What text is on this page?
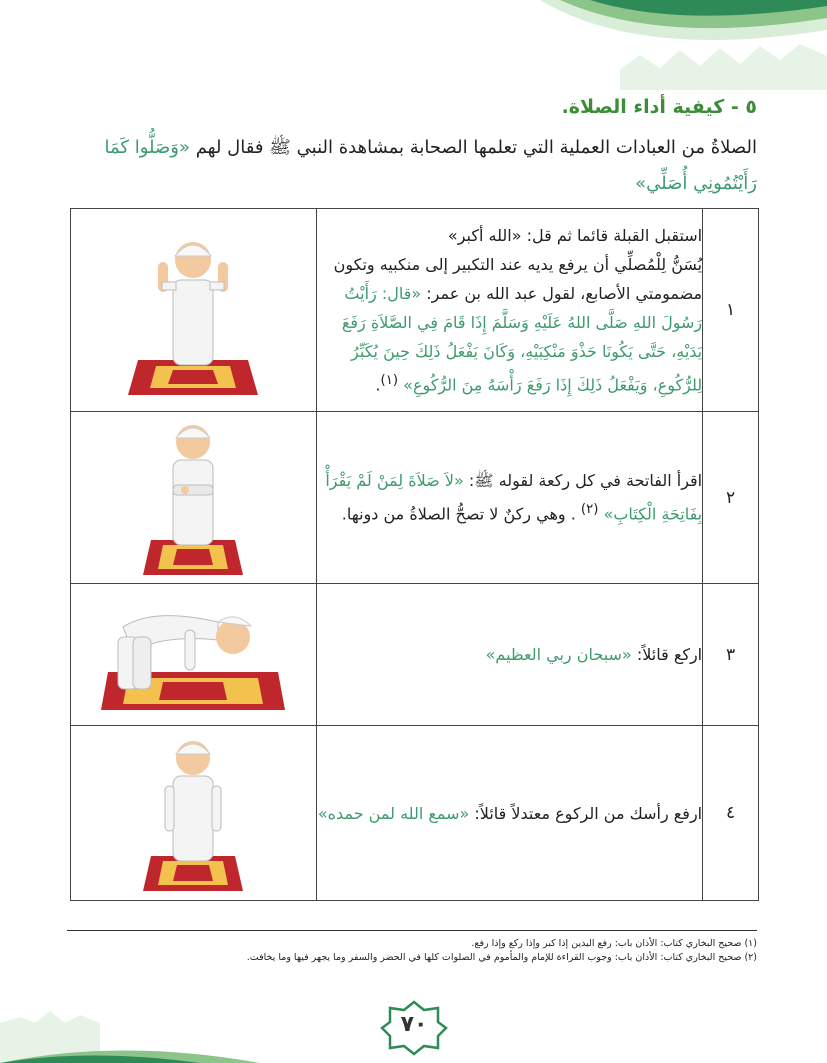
٥ - كيفية أداء الصلاة.
الصلاةُ من العبادات العملية التي تعلمها الصحابة بمشاهدة النبي ﷺ فقال لهم «وَصَلُّوا كَمَا رَأَيْتُمُونِي أُصَلِّي»
١	استقبل القبلة قائما ثم قل: «الله أكبر»
يُسَنُّ لِلْمُصلِّي أن يرفع يديه عند التكبير إلى منكبيه وتكون مضمومتي الأصابع، لقول عبد الله بن عمر: «قال: رَأَيْتُ رَسُولَ اللهِ صَلَّى اللهُ عَلَيْهِ وَسَلَّمَ إِذَا قَامَ فِي الصَّلاَةِ رَفَعَ يَدَيْهِ، حَتَّى يَكُونَا حَذْوَ مَنْكِبَيْهِ، وَكَانَ يَفْعَلُ ذَلِكَ حِينَ يُكَبِّرُ لِلرُّكُوعِ، وَيَفْعَلُ ذَلِكَ إِذَا رَفَعَ رَأْسَهُ مِنَ الرُّكُوعِ» $^{(١)}$.	

٢	اقرأ الفاتحة في كل ركعة لقوله ﷺ: «لاَ صَلاَةَ لِمَنْ لَمْ يَقْرَأْ بِفَاتِحَةِ الْكِتَابِ» $^{(٢)}$ . وهي ركنٌ لا تصحُّ الصلاةُ من دونها.	

٣	اركع قائلاً: «سبحان ربي العظيم»	

٤	ارفع رأسك من الركوع معتدلاً قائلاً: «سمع الله لمن حمده»	
(١) صحيح البخاري كتاب: الأذان باب: رفع اليدين إذا كبر وإذا ركع وإذا رفع.
(٢) صحيح البخاري كتاب: الأذان باب: وجوب القراءة للإمام والمأموم في الصلوات كلها في الحضر والسفر وما يجهر فيها وما يخافت.
٧٠
